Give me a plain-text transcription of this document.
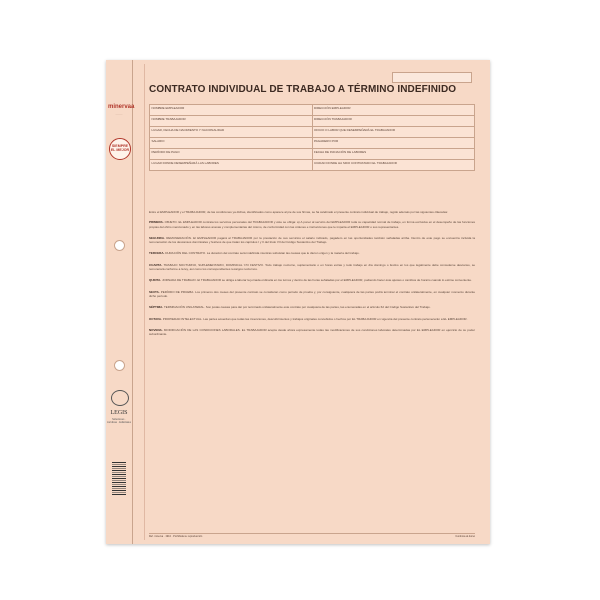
minervaa
·······
SIEMPRE EL MEJOR
LEGIS
Soluciones · Jurídicas · Editoriales
CONTRATO INDIVIDUAL DE TRABAJO A TÉRMINO INDEFINIDO
NOMBRE EMPLEADOR	DIRECCIÓN EMPLEADOR
NOMBRE TRABAJADOR	DIRECCIÓN TRABAJADOR
LUGAR, FECHA DE NACIMIENTO Y NACIONALIDAD	OFICIO O LABOR QUE DESEMPEÑARÁ EL TRABAJADOR
SALARIO	PAGADERO POR
PERÍODO DE PAGO	FECHA DE INICIACIÓN DE LABORES
LUGAR DONDE DESEMPEÑARÁ LAS LABORES	CIUDAD DONDE HA SIDO CONTRATADO EL TRABAJADOR

Entre el EMPLEADOR y el TRABAJADOR, de las condiciones ya dichas, identificados como aparece al pie de sus firmas, se ha celebrado el presente contrato individual de trabajo, regido además por las siguientes cláusulas:

PRIMERA. OBJETO. EL EMPLEADOR contrata los servicios personales del TRABAJADOR y éste se obliga: a) A poner al servicio del EMPLEADOR toda su capacidad normal de trabajo, en forma exclusiva en el desempeño de las funciones propias del oficio mencionado y en las labores anexas y complementarias del mismo, de conformidad con las órdenes e instrucciones que le imparta el EMPLEADOR o sus representantes.

SEGUNDA. REMUNERACIÓN. El EMPLEADOR pagará al TRABAJADOR por la prestación de sus servicios el salario indicado, pagadero en las oportunidades también señaladas arriba. Dentro de este pago se encuentra incluida la remuneración de los descansos dominicales y festivos de que tratan los capítulos I y II del título VII del Código Sustantivo del Trabajo.

TERCERA. DURACIÓN DEL CONTRATO. La duración del contrato será indefinida mientras subsistan las causas que le dieron origen y la materia del trabajo.

CUARTA. TRABAJO NOCTURNO, SUPLEMENTARIO, DOMINICAL Y/O FESTIVO. Todo trabajo nocturno, suplementario o en horas extras y todo trabajo en día domingo o festivo en los que legalmente debe concederse descanso, se remunerará conforme a la ley, así como los correspondientes recargos nocturnos.

QUINTA. JORNADA DE TRABAJO. El TRABAJADOR se obliga a laborar la jornada ordinaria en los turnos y dentro de las horas señaladas por el EMPLEADOR, pudiendo hacer éste ajustes o cambios de horario cuando lo estime conveniente.

SEXTA. PERÍODO DE PRUEBA. Los primeros dos meses del presente contrato se consideran como período de prueba y, por consiguiente, cualquiera de las partes podrá terminar el contrato unilateralmente, en cualquier momento durante dicho período.

SÉPTIMA. TERMINACIÓN UNILATERAL. Son justas causas para dar por terminado unilateralmente este contrato por cualquiera de las partes, las enumeradas en el artículo 62 del Código Sustantivo del Trabajo.

OCTAVA. PROPIEDAD INTELECTUAL. Las partes acuerdan que todas las invenciones, descubrimientos y trabajos originales concebidos o hechos por EL TRABAJADOR en vigencia del presente contrato pertenecerán a EL EMPLEADOR.

NOVENA. MODIFICACIÓN DE LAS CONDICIONES LABORALES. EL TRABAJADOR acepta desde ahora expresamente todas las modificaciones de sus condiciones laborales determinadas por EL EMPLEADOR en ejercicio de su poder subordinante.

Ref. minerva · 1910 · Prohibida su reproducción	Continúa al dorso
